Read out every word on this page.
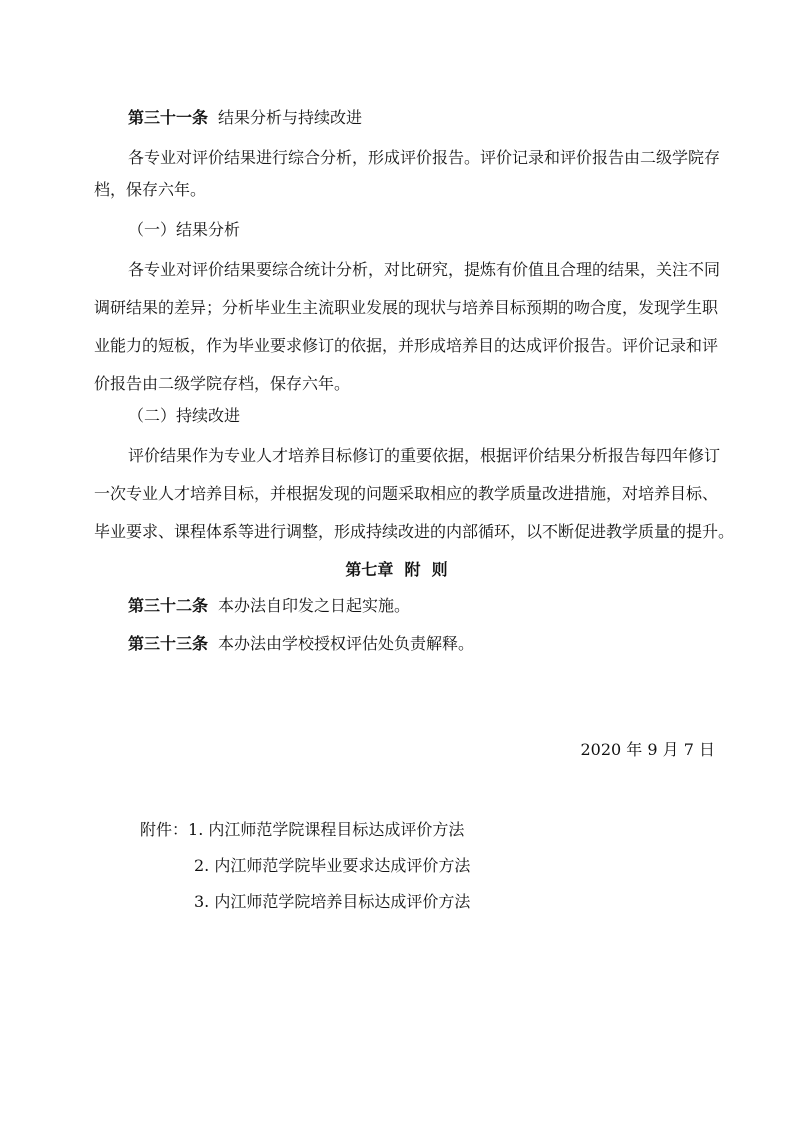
第三十一条 结果分析与持续改进
各专业对评价结果进行综合分析，形成评价报告。评价记录和评价报告由二级学院存
档，保存六年。
（一）结果分析
各专业对评价结果要综合统计分析，对比研究，提炼有价值且合理的结果，关注不同
调研结果的差异；分析毕业生主流职业发展的现状与培养目标预期的吻合度，发现学生职
业能力的短板，作为毕业要求修订的依据，并形成培养目的达成评价报告。评价记录和评
价报告由二级学院存档，保存六年。
（二）持续改进
评价结果作为专业人才培养目标修订的重要依据，根据评价结果分析报告每四年修订
一次专业人才培养目标，并根据发现的问题采取相应的教学质量改进措施，对培养目标、
毕业要求、课程体系等进行调整，形成持续改进的内部循环，以不断促进教学质量的提升。
第七章  附  则
第三十二条 本办法自印发之日起实施。
第三十三条 本办法由学校授权评估处负责解释。
2020 年 9 月 7 日
附件：1. 内江师范学院课程目标达成评价方法
2. 内江师范学院毕业要求达成评价方法
3. 内江师范学院培养目标达成评价方法
